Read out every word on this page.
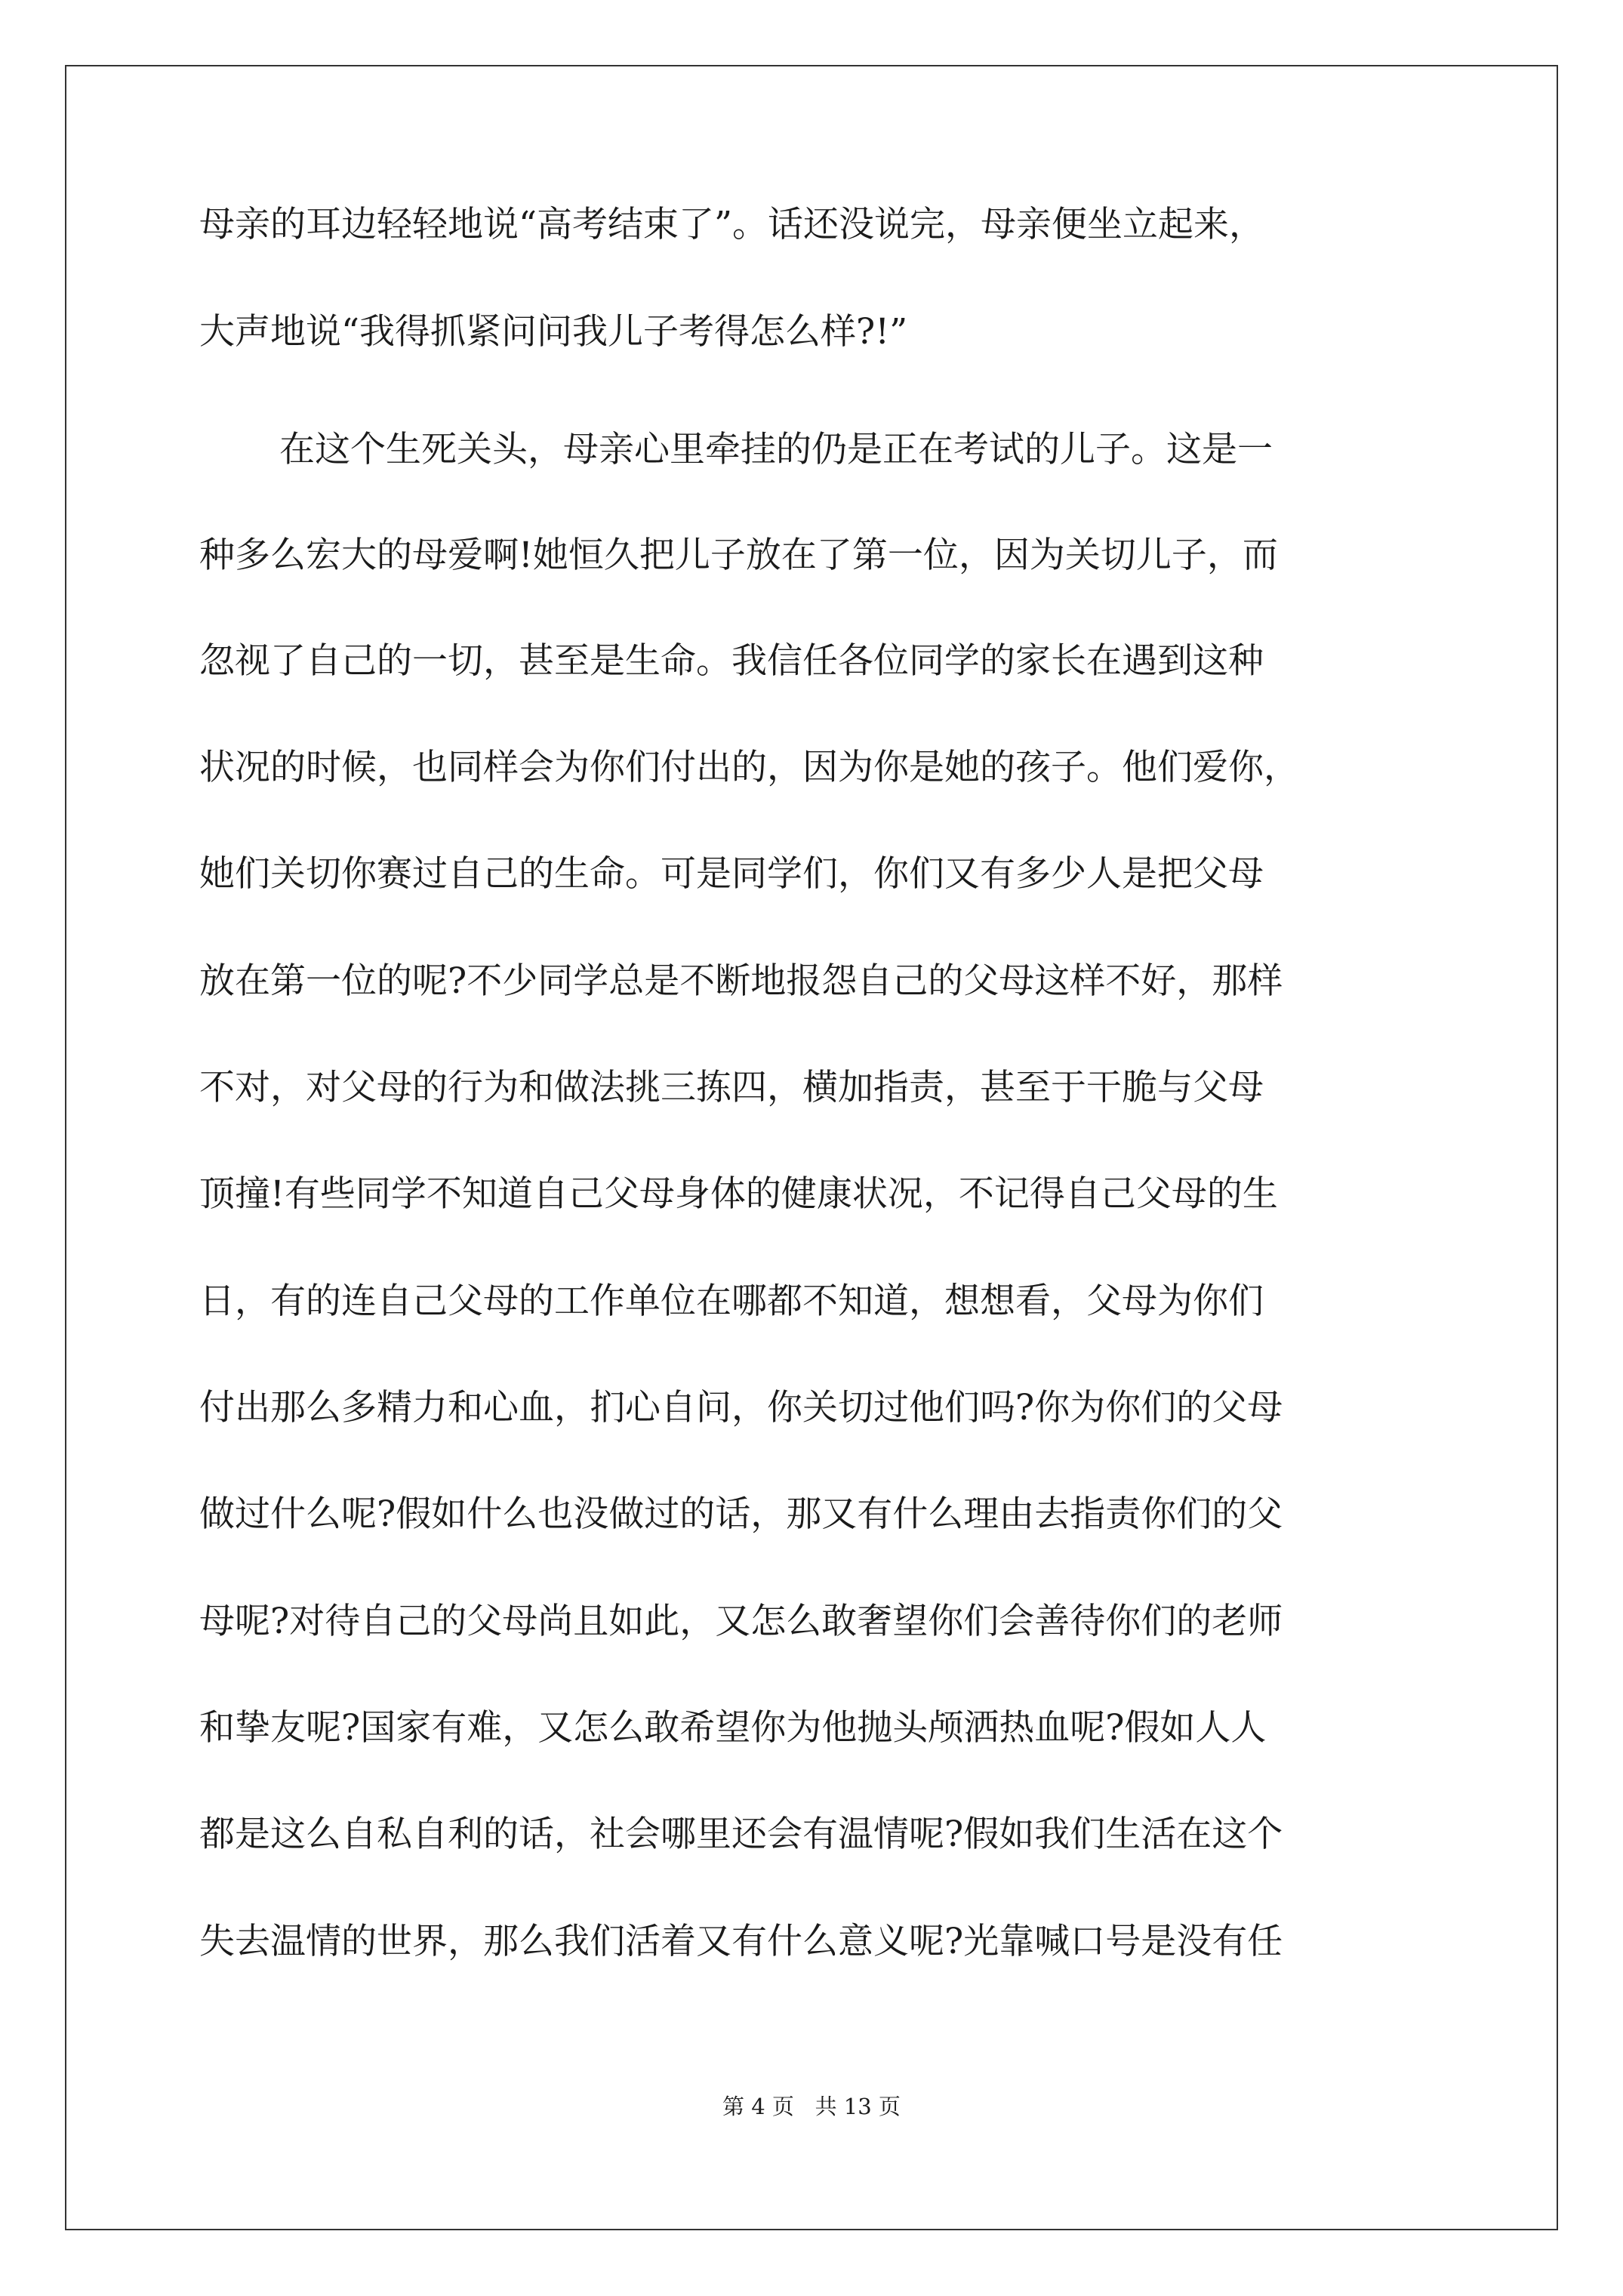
母亲的耳边轻轻地说“高考结束了”。话还没说完，母亲便坐立起来，
大声地说“我得抓紧问问我儿子考得怎么样?!”
在这个生死关头，母亲心里牵挂的仍是正在考试的儿子。这是一
种多么宏大的母爱啊!她恒久把儿子放在了第一位，因为关切儿子，而
忽视了自己的一切，甚至是生命。我信任各位同学的家长在遇到这种
状况的时候，也同样会为你们付出的，因为你是她的孩子。他们爱你，
她们关切你赛过自己的生命。可是同学们，你们又有多少人是把父母
放在第一位的呢?不少同学总是不断地报怨自己的父母这样不好，那样
不对，对父母的行为和做法挑三拣四，横加指责，甚至于干脆与父母
顶撞!有些同学不知道自己父母身体的健康状况，不记得自己父母的生
日，有的连自己父母的工作单位在哪都不知道，想想看，父母为你们
付出那么多精力和心血，扪心自问，你关切过他们吗?你为你们的父母
做过什么呢?假如什么也没做过的话，那又有什么理由去指责你们的父
母呢?对待自己的父母尚且如此，又怎么敢奢望你们会善待你们的老师
和挚友呢?国家有难，又怎么敢希望你为他抛头颅洒热血呢?假如人人
都是这么自私自利的话，社会哪里还会有温情呢?假如我们生活在这个
失去温情的世界，那么我们活着又有什么意义呢?光靠喊口号是没有任
第 4 页 共 13 页
